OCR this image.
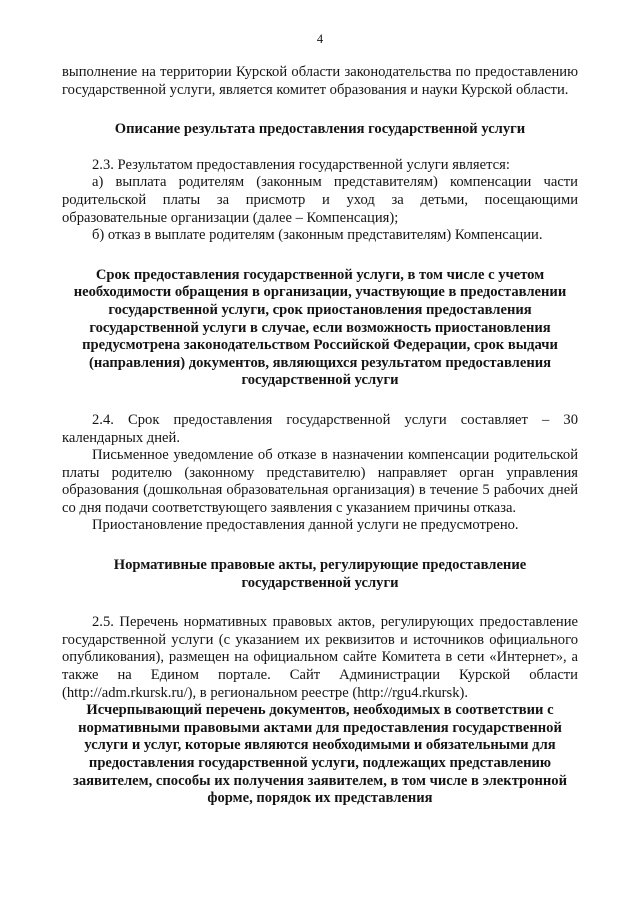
4

выполнение на территории Курской области законодательства по предоставлению государственной услуги, является комитет образования и науки Курской области.

Описание результата предоставления государственной услуги

2.3. Результатом предоставления государственной услуги является:

а) выплата родителям (законным представителям) компенсации части родительской платы за присмотр и уход за детьми, посещающими образовательные организации (далее – Компенсация);

б) отказ в выплате родителям (законным представителям) Компенсации.

Срок предоставления государственной услуги, в том числе с учетом необходимости обращения в организации, участвующие в предоставлении государственной услуги, срок приостановления предоставления государственной услуги в случае, если возможность приостановления предусмотрена законодательством Российской Федерации, срок выдачи (направления) документов, являющихся результатом предоставления государственной услуги

2.4. Срок предоставления государственной услуги составляет – 30 календарных дней.

Письменное уведомление об отказе в назначении компенсации родительской платы родителю (законному представителю) направляет орган управления образования (дошкольная образовательная организация) в течение 5 рабочих дней со дня подачи соответствующего заявления с указанием причины отказа.

Приостановление предоставления данной услуги не предусмотрено.

Нормативные правовые акты, регулирующие предоставление государственной услуги

2.5. Перечень нормативных правовых актов, регулирующих предоставление государственной услуги (с указанием их реквизитов и источников официального опубликования), размещен на официальном сайте Комитета в сети «Интернет», а также на Едином портале. Сайт Администрации Курской области (http://adm.rkursk.ru/), в региональном реестре (http://rgu4.rkursk).

Исчерпывающий перечень документов, необходимых в соответствии с нормативными правовыми актами для предоставления государственной услуги и услуг, которые являются необходимыми и обязательными для предоставления государственной услуги, подлежащих представлению заявителем, способы их получения заявителем, в том числе в электронной форме, порядок их представления
